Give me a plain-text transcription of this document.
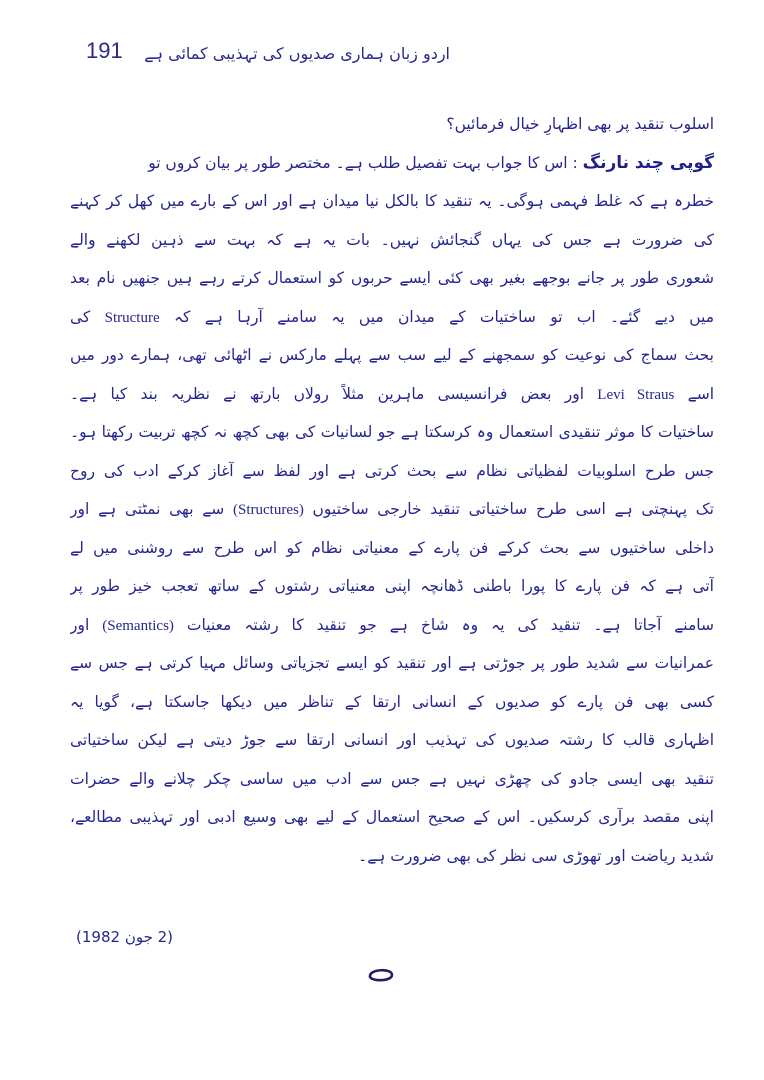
191 اردو زبان ہماری صدیوں کی تہذیبی کمائی ہے
اسلوب تنقید پر بھی اظہارِ خیال فرمائیں؟
گوپی چند نارنگ : اس کا جواب بہت تفصیل طلب ہے۔ مختصر طور پر بیان کروں تو
خطرہ ہے کہ غلط فہمی ہوگی۔ یہ تنقید کا بالکل نیا میدان ہے اور اس کے بارے میں کھل کر کہنے
کی ضرورت ہے جس کی یہاں گنجائش نہیں۔ بات یہ ہے کہ بہت سے ذہین لکھنے والے
شعوری طور پر جانے بوجھے بغیر بھی کئی ایسے حربوں کو استعمال کرتے رہے ہیں جنھیں نام بعد
میں دیے گئے۔ اب تو ساختیات کے میدان میں یہ سامنے آرہا ہے کہ Structure کی
بحث سماج کی نوعیت کو سمجھنے کے لیے سب سے پہلے مارکس نے اٹھائی تھی، ہمارے دور میں
اسے Levi Straus اور بعض فرانسیسی ماہرین مثلاً رولاں بارتھ نے نظریہ بند کیا ہے۔
ساختیات کا موثر تنقیدی استعمال وہ کرسکتا ہے جو لسانیات کی بھی کچھ نہ کچھ تربیت رکھتا ہو۔
جس طرح اسلوبیات لفظیاتی نظام سے بحث کرتی ہے اور لفظ سے آغاز کرکے ادب کی روح
تک پہنچتی ہے اسی طرح ساختیاتی تنقید خارجی ساختیوں (Structures) سے بھی نمٹتی ہے اور
داخلی ساختیوں سے بحث کرکے فن پارے کے معنیاتی نظام کو اس طرح سے روشنی میں لے
آتی ہے کہ فن پارے کا پورا باطنی ڈھانچہ اپنی معنیاتی رشتوں کے ساتھ تعجب خیز طور پر
سامنے آجاتا ہے۔ تنقید کی یہ وہ شاخ ہے جو تنقید کا رشتہ معنیات (Semantics) اور
عمرانیات سے شدید طور پر جوڑتی ہے اور تنقید کو ایسے تجزیاتی وسائل مہیا کرتی ہے جس سے
کسی بھی فن پارے کو صدیوں کے انسانی ارتقا کے تناظر میں دیکھا جاسکتا ہے، گویا یہ
اظہاری قالب کا رشتہ صدیوں کی تہذیب اور انسانی ارتقا سے جوڑ دیتی ہے لیکن ساختیاتی
تنقید بھی ایسی جادو کی چھڑی نہیں ہے جس سے ادب میں ساسی چکر چلانے والے حضرات
اپنی مقصد برآری کرسکیں۔ اس کے صحیح استعمال کے لیے بھی وسیع ادبی اور تہذیبی مطالعے،
شدید ریاضت اور تھوڑی سی نظر کی بھی ضرورت ہے۔
(2 جون 1982)
